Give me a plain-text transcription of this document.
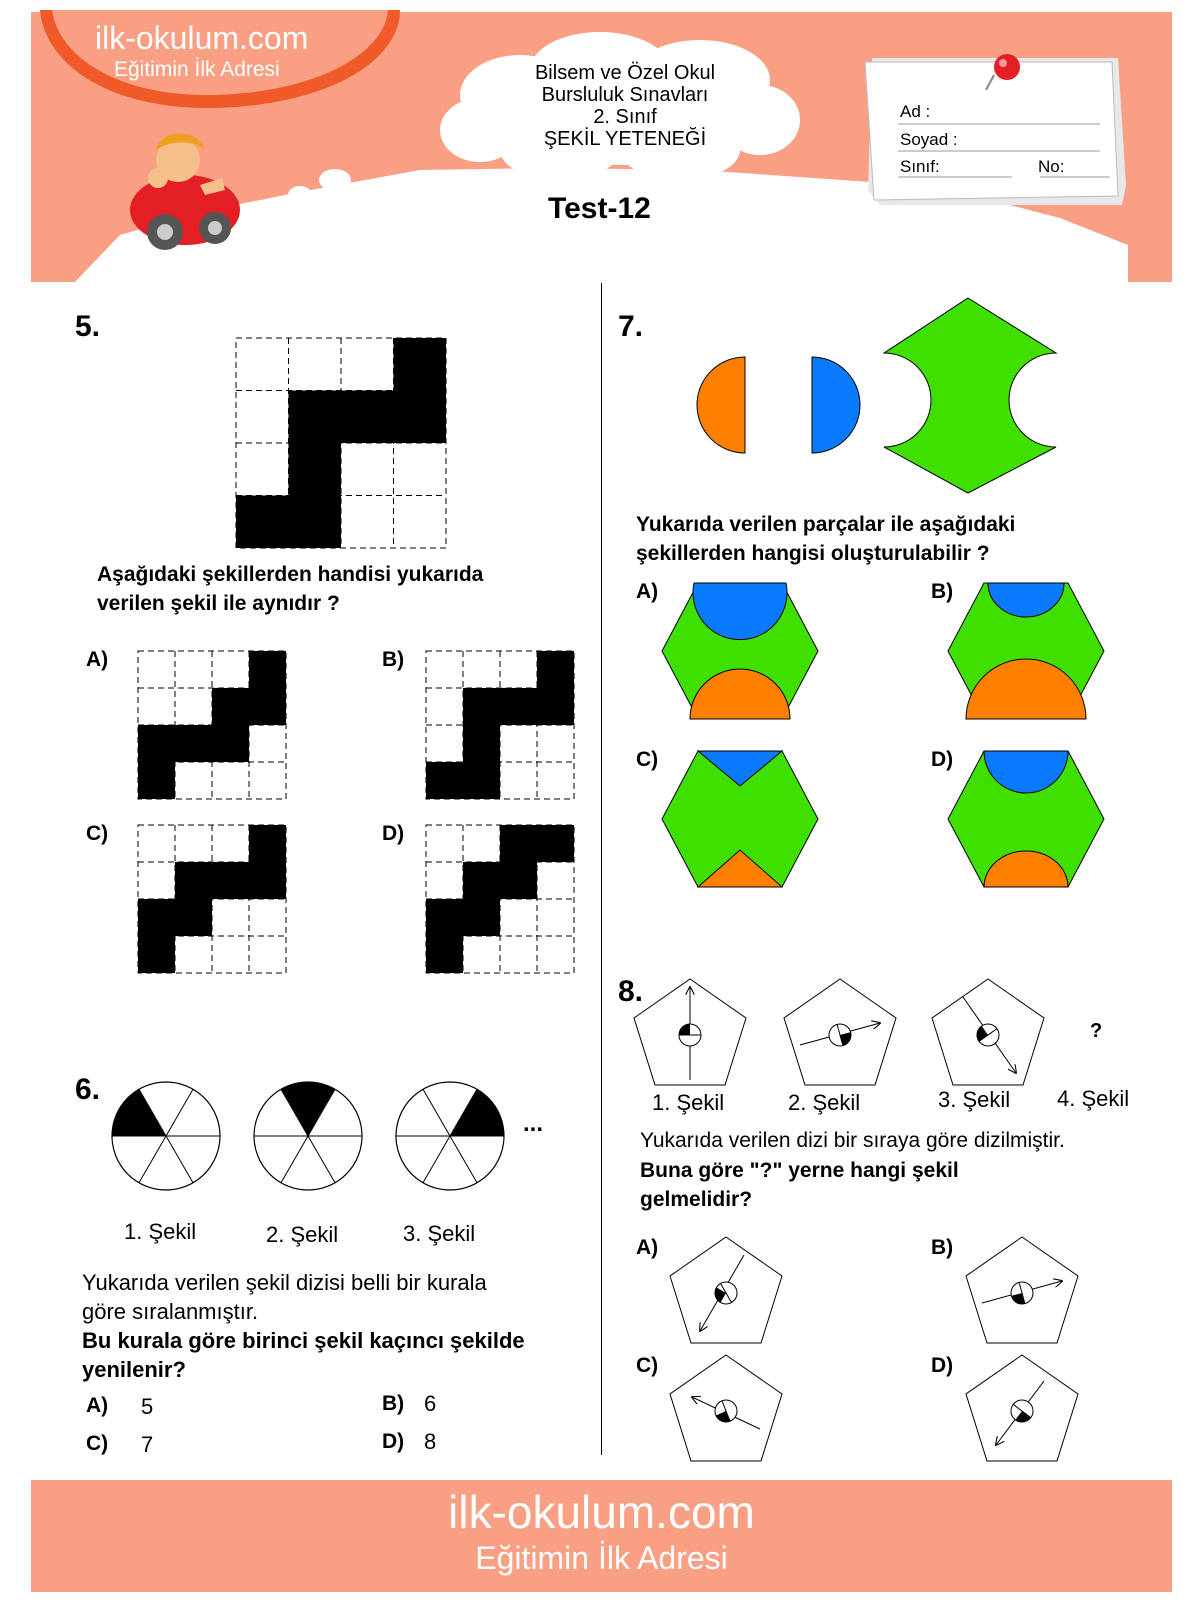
ilk-okulum.com
Eğitimin İlk Adresi	Bilsem ve Özel Okul
Bursluluk Sınavları
2. Sınıf
ŞEKİL YETENEĞİ
Test-12
Ad :
Soyad :
Sınıf:	No:
5.
Aşağıdaki şekillerden handisi yukarıda
verilen şekil ile aynıdır ?
A)	B)
C)	D)
6.
...
1. Şekil	2. Şekil	3. Şekil
Yukarıda verilen şekil dizisi belli bir kurala
göre sıralanmıştır.
Bu kurala göre birinci şekil kaçıncı şekilde
yenilenir?
A) 5	B) 6
C) 7	D) 8
7.
Yukarıda verilen parçalar ile aşağıdaki
şekillerden hangisi oluşturulabilir ?
A)	B)
C)	D)
8.
?
1. Şekil	2. Şekil	3. Şekil 4. Şekil
Yukarıda verilen dizi bir sıraya göre dizilmiştir.
Buna göre "?" yerne hangi şekil
gelmelidir?
A)	B)
C)	D)
ilk-okulum.com
Eğitimin İlk Adresi
